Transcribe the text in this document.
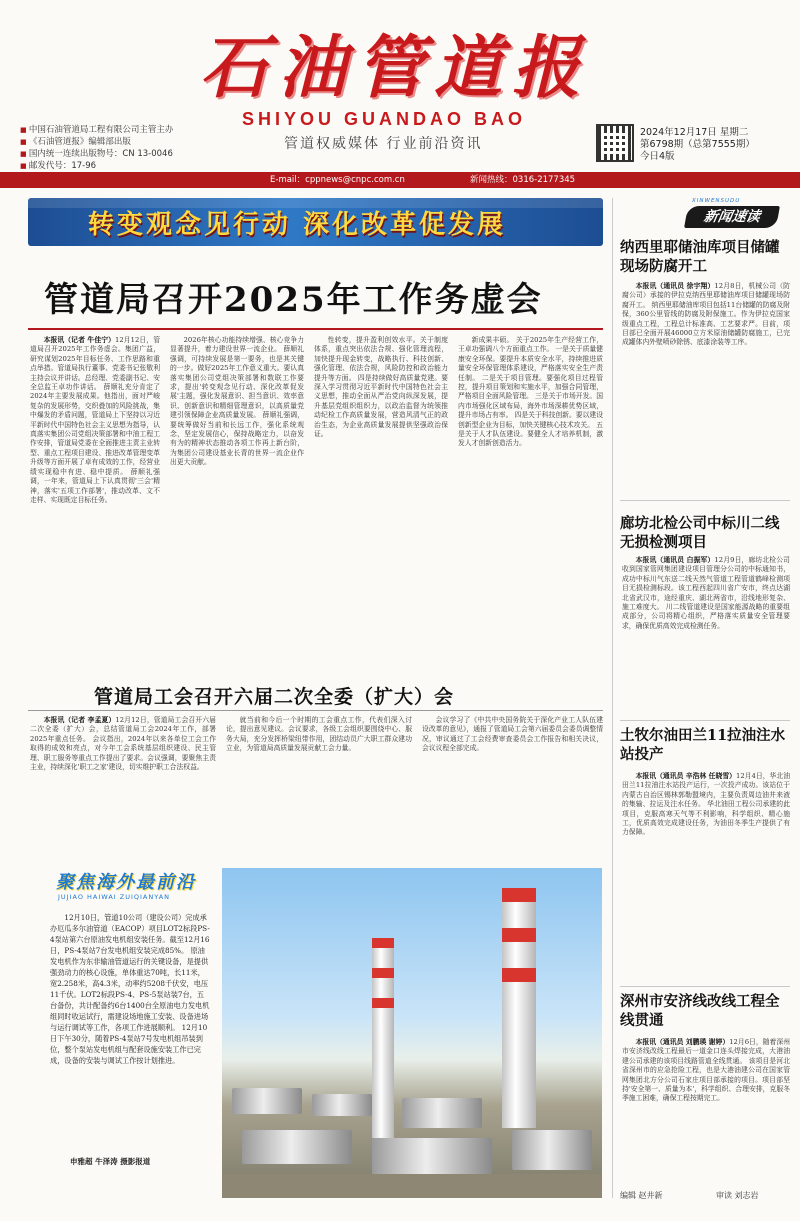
石油管道报
SHIYOU GUANDAO BAO
管道权威媒体 行业前沿资讯
■ 中国石油管道局工程有限公司主管主办
■ 《石油管道报》编辑部出版
■ 国内统一连续出版物号：CN 13-0046
■ 邮发代号：17-96
2024年12月17日 星期二
第6798期（总第7555期）
今日4版
E-mail：cppnews@cnpc.com.cn	新闻热线：0316-2177345
转变观念见行动 深化改革促发展
管道局召开2025年工作务虚会
本报讯（记者 牛佳宁）12月12日，管道局召开2025年工作务虚会。集团广益，研究谋划2025年目标任务、工作思路和重点举措。管道局执行董事、党委书记张敬利主持会议并讲话。总经理、党委副书记、安全总监王卓功作讲话。 薛顺礼充分肯定了2024年主要发展成果。他指出，面对严峻复杂的发展形势，交织叠加的风险挑战，集中爆发的矛盾问题，管道局上下坚持以习近平新时代中国特色社会主义思想为指导，认真落实集团公司党组决策部署和中油工程工作安排，管道局党委在全面推进主责主业转型、重点工程项目建设、推进改革管理变革升级等方面开展了卓有成效的工作，经营业绩实现稳中有进、稳中提质。 薛顺礼强调，一年来，管道局上下认真贯彻'三会'精神，落实'五项工作部署'，推动改革、文不走样、实现既定目标任务。
2026年核心功能持续增强、核心竞争力显著提升，着力建设世界一流企业。 薛顺礼强调，可持续发展是第一要务，也是其关键的一步。做好2025年工作意义重大。要认真落实集团公司党组决策部署和数联工作要求，提出'转变观念见行动、深化改革促发展'主题，强化发展意识、担当意识、效率意识、创新意识和精细管理意识，以高质量党建引领保障企业高质量发展。 薛顺礼强调，要统筹做好当前和长远工作，强化系统观念，坚定发展信心，保持战略定力，以奋发有为的精神状态推动各项工作再上新台阶，为集团公司建设基业长青的世界一流企业作出更大贡献。
性转变，提升盈利创效水平。关于制度体系，重点突出依法合规、强化管理流程，加快提升现金转变，战略执行、科技创新、强化管理、依法合规，风险防控和政治能力提升等方面。 四是持续做好高质量党建。要深入学习贯彻习近平新时代中国特色社会主义思想，推动全面从严治党向纵深发展，提升基层党组织组织力，以政治监督为统领推动纪检工作高质量发展，营造风清气正的政治生态，为企业高质量发展提供坚强政治保证。
新成果丰硕。 关于2025年生产经营工作，王卓功强调八个方面重点工作。 一是关于质量健康安全环保。要提升本质安全水平，持续推进质量安全环保管理体系建设，严格落实安全生产责任制。 二是关于项目管理。要强化项目过程管控，提升项目策划和实施水平，加强合同管理，严格项目全面风险管理。 三是关于市场开发。国内市场强化区域布局，海外市场深耕优势区域，提升市场占有率。 四是关于科技创新。要以建设创新型企业为目标，加快关键核心技术攻关。 五是关于人才队伍建设。要健全人才培养机制，激发人才创新创造活力。
管道局工会召开六届二次全委（扩大）会
本报讯（记者 李孟夏）12月12日，管道局工会召开六届二次全委（扩大）会，总结管道局工会2024年工作，部署2025年重点任务。 会议指出，2024年以来各单位工会工作取得的成效和亮点，对今年工会系统基层组织建设、民主管理、职工服务等重点工作提出了要求。会议强调，要聚焦主责主业，持续深化'职工之家'建设，切实维护职工合法权益。
就当前和今后一个时期的工会重点工作，代表们深入讨论，提出意见建议。会议要求，各级工会组织要围绕中心、服务大局，充分发挥桥梁纽带作用，团结动员广大职工群众建功立业，为管道局高质量发展贡献工会力量。
会议学习了《中共中央国务院关于深化产业工人队伍建设改革的意见》，通报了管道局工会第六届委员会委员调整情况，审议通过了工会经费审查委员会工作报告和相关决议，会议议程全部完成。
聚焦海外最前沿
JUJIAO HAIWAI ZUIQIANYAN
12月10日，管道10公司（建设公司）完成承办厄瓜多尔油管道（EACOP）项目LOT2标段PS-4泵站第六台原油发电机组安装任务。截至12月16日，PS-4泵站7台发电机组安装完成85%。 原油发电机作为东非输油管道运行的关键设备，是提供强劲动力的核心设施，单体重达70吨，长11米，宽2.258米，高4.3米，动率约5208千伏安，电压11千伏。LOT2标段PS-4、PS-5泵站装7台，五台备份，共计配备约6台1400台全原油电力发电机组同时收运试行，需建设场地施工安装、设备进场与运行调试等工作，各项工作进展顺利。 12月10日下午30分，随着PS-4泵站7号发电机组吊装到位，整个泵站发电机组与配套设施安装工作已完成，设备的安装与调试工作按计划推进。
申雅超 牛泽涛 摄影报道
XINWENSUDU
新闻速读
纳西里耶储油库项目储罐现场防腐开工
本报讯（通讯员 徐宇翔）12月8日，机械公司（防腐公司）承接的伊拉克纳西里耶储油库项目储罐现场防腐开工。 纳西里耶储油库项目包括11台储罐的防腐及附保，360公里管线的防腐及附保施工。作为伊拉克国家级重点工程，工程总计标准高、工艺要求严。目前，项目部已全面开展46000立方米原油储罐防腐施工，已完成罐体内外壁喷砂除锈、底漆涂装等工序。
廊坊北检公司中标川二线无损检测项目
本报讯（通讯员 白振军）12月9日，廊坊北检公司收到国家管网集团建设项目管理分公司的中标通知书，成功中标川气东送二线天然气管道工程管道鹤峰检测项目无损检测标段。该工程西起四川省广安市，终点达湖北省武汉市，途经重庆、湖北两省市，沿线地形复杂、施工难度大。 川二线管道建设是国家能源战略的重要组成部分，公司将精心组织，严格落实质量安全管理要求，确保优质高效完成检测任务。
土牧尔油田兰11拉油注水站投产
本报讯（通讯员 辛浩林 任晓雪）12月4日，华北油田兰11拉油注水站投产运行，一次投产成功。该站位于内蒙古自治区锡林郭勒盟境内，主要负责周边油井来液的集输、拉运及注水任务。 华北油田工程公司承建的此项目，克服高寒天气等不利影响，科学组织、精心施工，优质高效完成建设任务，为油田冬季生产提供了有力保障。
深州市安济线改线工程全线贯通
本报讯（通讯员 刘鹏瑛 谢婷）12月6日，随着深州市安济线改线工程最后一道金口连头焊接完成，大港油建公司承建的该项目线路管道全线贯通。 该项目是河北省深州市的应急抢险工程，也是大港油建公司在国家管网集团北方分公司石家庄项目部承接的项目。项目部坚持'安全第一、质量为本'，科学组织、合理安排，克服冬季施工困难，确保工程按期完工。
编辑 赵井新	审读 刘志岩
